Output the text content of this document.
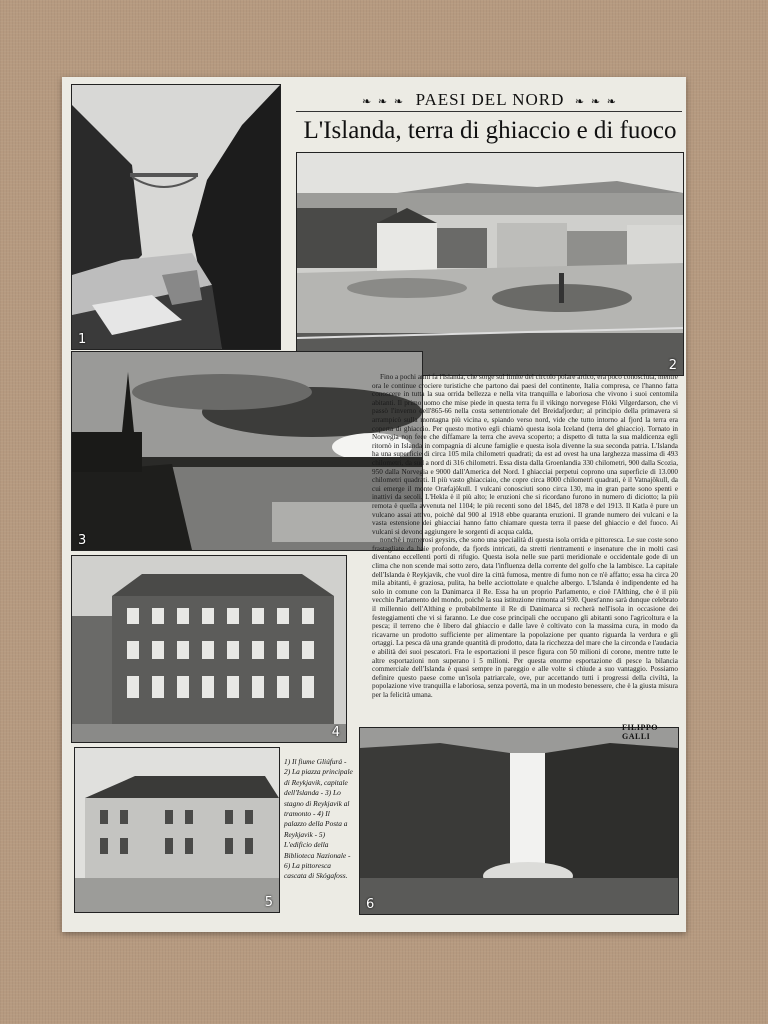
1
2
3
4
5	6
❧ ❧ ❧ PAESI DEL NORD ❧ ❧ ❧
L'Islanda, terra di ghiaccio e di fuoco

Fino a pochi anni fa l'Islanda, che sorge sul limite del circolo polare artico, era poco conosciuta, mentre ora le continue crociere turistiche che partono dai paesi del continente, Italia compresa, ce l'hanno fatta conoscere in tutta la sua orrida bellezza e nella vita tranquilla e laboriosa che vivono i suoi centomila abitanti. Il primo uomo che mise piede in questa terra fu il vikingo norvegese Flóki Vilgerdarson, che vi passò l'inverno dell'865-66 nella costa settentrionale del Breidafjordur; al principio della primavera si arrampicò sulla montagna più vicina e, spiando verso nord, vide che tutto intorno al fjord la terra era coperta di ghiaccio. Per questo motivo egli chiamò questa isola Iceland (terra del ghiaccio). Tornato in Norvegia non fece che diffamare la terra che aveva scoperto; a dispetto di tutta la sua maldicenza egli ritornò in Islanda in compagnia di alcune famiglie e questa isola divenne la sua seconda patria. L'Islanda ha una superficie di circa 105 mila chilometri quadrati; da est ad ovest ha una larghezza massima di 493 chilometri, da sud a nord di 316 chilometri. Essa dista dalla Groenlandia 330 chilometri, 900 dalla Scozia, 950 dalla Norvegia e 9000 dall'America del Nord. I ghiacciai perpetui coprono una superficie di 13.000 chilometri quadrati. Il più vasto ghiacciaio, che copre circa 8000 chilometri quadrati, è il Vatnajökull, da cui emerge il monte Oræfajökull. I vulcani conosciuti sono circa 130, ma in gran parte sono spenti e inattivi da secoli. L'Hekla è il più alto; le eruzioni che si ricordano furono in numero di diciotto; la più remota è quella avvenuta nel 1104; le più recenti sono del 1845, del 1878 e del 1913. Il Katla è pure un vulcano assai attivo, poichè dal 900 al 1918 ebbe quaranta eruzioni. Il grande numero dei vulcani e la vasta estensione dei ghiacciai hanno fatto chiamare questa terra il paese del ghiaccio e del fuoco. Ai vulcani si devono aggiungere le sorgenti di acqua calda,

nonchè i numerosi geysirs, che sono una specialità di questa isola orrida e pittoresca. Le sue coste sono frastagliate da baie profonde, da fjords intricati, da stretti rientramenti e insenature che in molti casi diventano eccellenti porti di rifugio. Questa isola nelle sue parti meridionale e occidentale gode di un clima che non scende mai sotto zero, data l'influenza della corrente del golfo che la lambisce. La capitale dell'Islanda è Reykjavik, che vuol dire la città fumosa, mentre di fumo non ce n'è affatto; essa ha circa 20 mila abitanti, è graziosa, pulita, ha belle acciottolate e qualche albergo. L'Islanda è indipendente ed ha solo in comune con la Danimarca il Re. Essa ha un proprio Parlamento, e cioè l'Althing, che è il più vecchio Parlamento del mondo, poichè la sua istituzione rimonta al 930. Quest'anno sarà dunque celebrato il millennio dell'Althing e probabilmente il Re di Danimarca si recherà nell'isola in occasione dei festeggiamenti che vi si faranno. Le due cose principali che occupano gli abitanti sono l'agricoltura e la pesca; il terreno che è libero dal ghiaccio e dalle lave è coltivato con la massima cura, in modo da ricavarne un prodotto sufficiente per alimentare la popolazione per quanto riguarda la verdura e gli ortaggi. La pesca dà una grande quantità di prodotto, data la ricchezza del mare che la circonda e l'audacia e abilità dei suoi pescatori. Fra le esportazioni il pesce figura con 50 milioni di corone, mentre tutte le altre esportazioni non superano i 5 milioni. Per questa enorme esportazione di pesce la bilancia commerciale dell'Islanda è quasi sempre in pareggio e alle volte si chiude a suo vantaggio. Possiamo definire questo paese come un'isola patriarcale, ove, pur accettando tutti i progressi della civiltà, la popolazione vive tranquilla e laboriosa, senza povertà, ma in un modesto benessere, che è la giusta misura per la felicità umana.

FILIPPO GALLI
1) Il fiume Gliúfurá - 2) La piazza principale di Reykjavik, capitale dell'Islanda - 3) Lo stagno di Reykjavik al tramonto - 4) Il palazzo della Posta a Reykjavik - 5) L'edificio della Biblioteca Nazionale - 6) La pittoresca cascata di Skógafoss.
